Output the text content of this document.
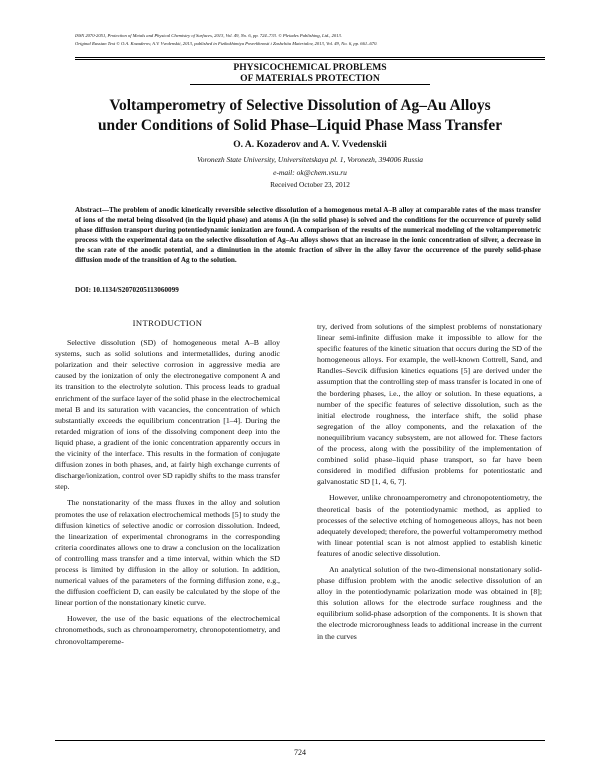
ISSN 2070-2051, Protection of Metals and Physical Chemistry of Surfaces, 2013, Vol. 49, No. 6, pp. 724–733. © Pleiades Publishing, Ltd., 2013.
Original Russian Text © O.A. Kozaderov, A.V. Vvedenskii, 2013, published in Fizikokhimiya Poverkhnosti i Zashchita Materialov, 2013, Vol. 49, No. 6, pp. 661–670.
PHYSICOCHEMICAL PROBLEMS
OF MATERIALS PROTECTION
Voltamperometry of Selective Dissolution of Ag–Au Alloys
under Conditions of Solid Phase–Liquid Phase Mass Transfer
O. A. Kozaderov and A. V. Vvedenskii
Voronezh State University, Universitetskaya pl. 1, Voronezh, 394006 Russia
e-mail: ok@chem.vsu.ru
Received October 23, 2012
Abstract—The problem of anodic kinetically reversible selective dissolution of a homogenous metal A–B alloy at comparable rates of the mass transfer of ions of the metal being dissolved (in the liquid phase) and atoms A (in the solid phase) is solved and the conditions for the occurrence of purely solid phase diffusion transport during potentiodynamic ionization are found. A comparison of the results of the numerical modeling of the voltamperometric process with the experimental data on the selective dissolution of Ag–Au alloys shows that an increase in the ionic concentration of silver, a decrease in the scan rate of the anodic potential, and a diminution in the atomic fraction of silver in the alloy favor the occurrence of the purely solid-phase diffusion mode of the transition of Ag to the solution.
DOI: 10.1134/S2070205113060099

INTRODUCTION

Selective dissolution (SD) of homogeneous metal A–B alloy systems, such as solid solutions and intermetallides, during anodic polarization and their selective corrosion in aggressive media are caused by the ionization of only the electronegative component A and its transition to the electrolyte solution. This process leads to gradual enrichment of the surface layer of the solid phase in the electrochemical metal B and its saturation with vacancies, the concentration of which substantially exceeds the equilibrium concentration [1–4]. During the retarded migration of ions of the dissolving component deep into the liquid phase, a gradient of the ionic concentration apparently occurs in the vicinity of the interface. This results in the formation of conjugate diffusion zones in both phases, and, at fairly high exchange currents of discharge/ionization, control over SD rapidly shifts to the mass transfer step.

The nonstationarity of the mass fluxes in the alloy and solution promotes the use of relaxation electrochemical methods [5] to study the diffusion kinetics of selective anodic or corrosion dissolution. Indeed, the linearization of experimental chronograms in the corresponding criteria coordinates allows one to draw a conclusion on the localization of controlling mass transfer and a time interval, within which the SD process is limited by diffusion in the alloy or solution. In addition, numerical values of the parameters of the forming diffusion zone, e.g., the diffusion coefficient D, can easily be calculated by the slope of the linear portion of the nonstationary kinetic curve.

However, the use of the basic equations of the electrochemical chronomethods, such as chronoamperometry, chronopotentiometry, and chronovoltampereme-

try, derived from solutions of the simplest problems of nonstationary linear semi-infinite diffusion make it impossible to allow for the specific features of the kinetic situation that occurs during the SD of the homogeneous alloys. For example, the well-known Cottrell, Sand, and Randles–Sevcik diffusion kinetics equations [5] are derived under the assumption that the controlling step of mass transfer is located in one of the bordering phases, i.e., the alloy or solution. In these equations, a number of the specific features of selective dissolution, such as the initial electrode roughness, the interface shift, the solid phase segregation of the alloy components, and the relaxation of the nonequilibrium vacancy subsystem, are not allowed for. These factors of the process, along with the possibility of the implementation of combined solid phase–liquid phase transport, so far have been considered in modified diffusion problems for potentiostatic and galvanostatic SD [1, 4, 6, 7].

However, unlike chronoamperometry and chronopotentiometry, the theoretical basis of the potentiodynamic method, as applied to processes of the selective etching of homogeneous alloys, has not been adequately developed; therefore, the powerful voltamperometry method with linear potential scan is not almost applied to establish kinetic features of anodic selective dissolution.

An analytical solution of the two-dimensional nonstationary solid-phase diffusion problem with the anodic selective dissolution of an alloy in the potentiodynamic polarization mode was obtained in [8]; this solution allows for the electrode surface roughness and the equilibrium solid-phase adsorption of the components. It is shown that the electrode microroughness leads to additional increase in the current in the curves

724
